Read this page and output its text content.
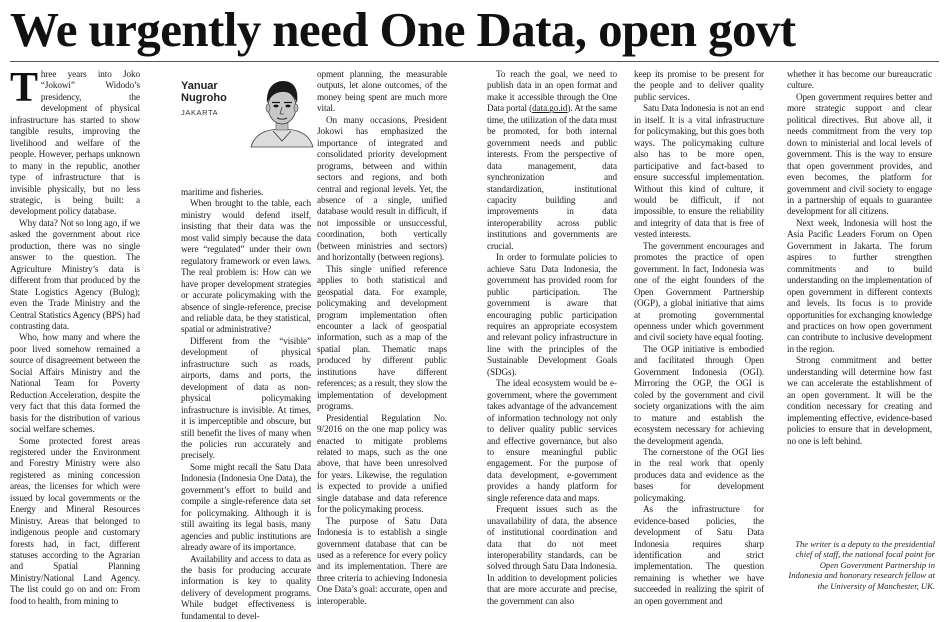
We urgently need One Data, open govt

Three years into Joko “Jokowi” Widodo’s presidency, the development of physical infrastructure has started to show tangible results, improving the livelihood and welfare of the people. However, perhaps unknown to many in the republic, another type of infrastructure that is invisible physically, but no less strategic, is being built: a development policy database.

Why data? Not so long ago, if we asked the government about rice production, there was no single answer to the question. The Agriculture Ministry’s data is different from that produced by the State Logistics Agency (Bulog); even the Trade Ministry and the Central Statistics Agency (BPS) had contrasting data.

Who, how many and where the poor lived somehow remained a source of disagreement between the Social Affairs Ministry and the National Team for Poverty Reduction Acceleration, despite the very fact that this data formed the basis for the distribution of various social welfare schemes.

Some protected forest areas registered under the Environment and Forestry Ministry were also registered as mining concession areas, the licenses for which were issued by local governments or the Energy and Mineral Resources Ministry. Areas that belonged to indigenous people and customary forests had, in fact, different statuses according to the Agrarian and Spatial Planning Ministry/National Land Agency. The list could go on and on: From food to health, from mining to

Yanuar
Nugroho
JAKARTA

maritime and fisheries.

When brought to the table, each ministry would defend itself, insisting that their data was the most valid simply because the data were “regulated” under their own regulatory framework or even laws. The real problem is: How can we have proper development strategies or accurate policymaking with the absence of single-reference, precise and reliable data, be they statistical, spatial or administrative?

Different from the “visible” development of physical infrastructure such as roads, airports, dams and ports, the development of data as non-physical policymaking infrastructure is invisible. At times, it is imperceptible and obscure, but still benefit the lives of many when the policies run accurately and precisely.

Some might recall the Satu Data Indonesia (Indonesia One Data), the government’s effort to build and compile a single-reference data set for policymaking. Although it is still awaiting its legal basis, many agencies and public institutions are already aware of its importance.

Availability and access to data as the basis for producing accurate information is key to quality delivery of development programs. While budget effectiveness is fundamental to devel-

opment planning, the measurable outputs, let alone outcomes, of the money being spent are much more vital.

On many occasions, President Jokowi has emphasized the importance of integrated and consolidated priority development programs, between and within sectors and regions, and both central and regional levels. Yet, the absence of a single, unified database would result in difficult, if not impossible or unsuccessful, coordination, both vertically (between ministries and sectors) and horizontally (between regions).

This single unified reference applies to both statistical and geospatial data. For example, policymaking and development program implementation often encounter a lack of geospatial information, such as a map of the spatial plan. Thematic maps produced by different public institutions have different references; as a result, they slow the implementation of development programs.

Presidential Regulation No. 9/2016 on the one map policy was enacted to mitigate problems related to maps, such as the one above, that have been unresolved for years. Likewise, the regulation is expected to provide a unified single database and data reference for the policymaking process.

The purpose of Satu Data Indonesia is to establish a single government database that can be used as a reference for every policy and its implementation. There are three criteria to achieving Indonesia One Data’s goal: accurate, open and interoperable.

To reach the goal, we need to publish data in an open format and make it accessible through the One Data portal (data.go.id). At the same time, the utilization of the data must be promoted, for both internal government needs and public interests. From the perspective of data management, data synchronization and standardization, institutional capacity building and improvements in data interoperability across public institutions and governments are crucial.

In order to formulate policies to achieve Satu Data Indonesia, the government has provided room for public participation. The government is aware that encouraging public participation requires an appropriate ecosystem and relevant policy infrastructure in line with the principles of the Sustainable Development Goals (SDGs).

The ideal ecosystem would be e-government, where the government takes advantage of the advancement of information technology not only to deliver quality public services and effective governance, but also to ensure meaningful public engagement. For the purpose of data development, e-government provides a handy platform for single reference data and maps.

Frequent issues such as the unavailability of data, the absence of institutional coordination and data that do not meet interoperability standards, can be solved through Satu Data Indonesia. In addition to development policies that are more accurate and precise, the government can also

keep its promise to be present for the people and to deliver quality public services.

Satu Data Indonesia is not an end in itself. It is a vital infrastructure for policymaking, but this goes both ways. The policymaking culture also has to be more open, participative and fact-based to ensure successful implementation. Without this kind of culture, it would be difficult, if not impossible, to ensure the reliability and integrity of data that is free of vested interests.

The government encourages and promotes the practice of open government. In fact, Indonesia was one of the eight founders of the Open Government Partnership (OGP), a global initiative that aims at promoting governmental openness under which government and civil society have equal footing.

The OGP initiative is embodied and facilitated through Open Government Indonesia (OGI). Mirroring the OGP, the OGI is coled by the government and civil society organizations with the aim to mature and establish the ecosystem necessary for achieving the development agenda.

The cornerstone of the OGI lies in the real work that openly produces data and evidence as the bases for development policymaking.

As the infrastructure for evidence-based policies, the development of Satu Data Indonesia requires sharp identification and strict implementation. The question remaining is whether we have succeeded in realizing the spirit of an open government and

whether it has become our bureaucratic culture.

Open government requires better and more strategic support and clear political directives. But above all, it needs commitment from the very top down to ministerial and local levels of government. This is the way to ensure that open government provides, and even becomes, the platform for government and civil society to engage in a partnership of equals to guarantee development for all citizens.

Next week, Indonesia will host the Asia Pacific Leaders Forum on Open Government in Jakarta. The forum aspires to further strengthen commitments and to build understanding on the implementation of open government in different contexts and levels. Its focus is to provide opportunities for exchanging knowledge and practices on how open government can contribute to inclusive development in the region.

Strong commitment and better understanding will determine how fast we can accelerate the establishment of an open government. It will be the condition necessary for creating and implementing effective, evidence-based policies to ensure that in development, no one is left behind.

The writer is a deputy to the presidential chief of staff, the national focal point for Open Government Partnership in Indonesia and honorary research fellow at the University of Manchester, UK.
